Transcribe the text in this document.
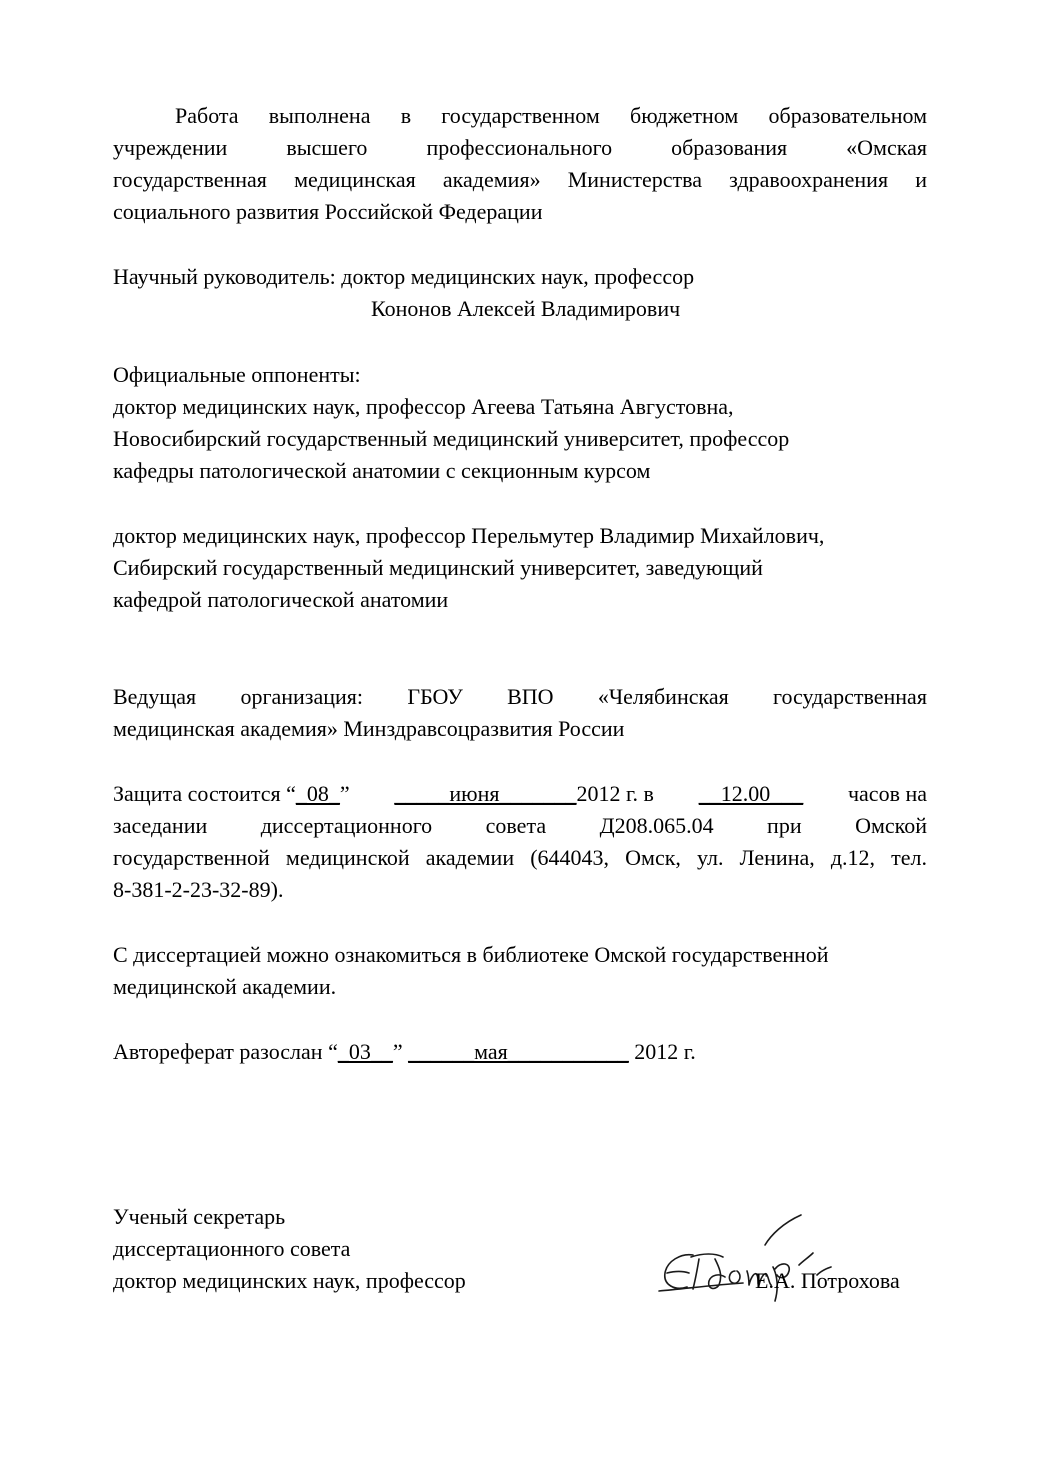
Работа выполнена в государственном бюджетном образовательном
учреждении	высшего	профессионального	образования	«Омская
государственная медицинская академия» Министерства здравоохранения и
социального развития Российской Федерации
Научный руководитель: доктор медицинских наук, профессор
Кононов Алексей Владимирович
Официальные оппоненты:
доктор медицинских наук, профессор Агеева Татьяна Августовна,
Новосибирский государственный медицинский университет, профессор
кафедры патологической анатомии с секционным курсом
доктор медицинских наук, профессор Перельмутер Владимир Михайлович,
Сибирский государственный медицинский университет, заведующий
кафедрой патологической анатомии
Ведущая организация: ГБОУ ВПО «Челябинская государственная
медицинская академия» Минздравсоцразвития России
Защита состоится “_08_” _____июня_______2012 г. в __12.00___ часов на
заседании диссертационного совета Д208.065.04 при Омской
государственной медицинской академии (644043, Омск, ул. Ленина, д.12, тел.
8-381-2-23-32-89).
С диссертацией можно ознакомиться в библиотеке Омской государственной
медицинской академии.
Автореферат разослан “_03__” ______мая___________ 2012 г.
Ученый секретарь
диссертационного совета
доктор медицинских наук, профессор	Е.А. Потрохова
